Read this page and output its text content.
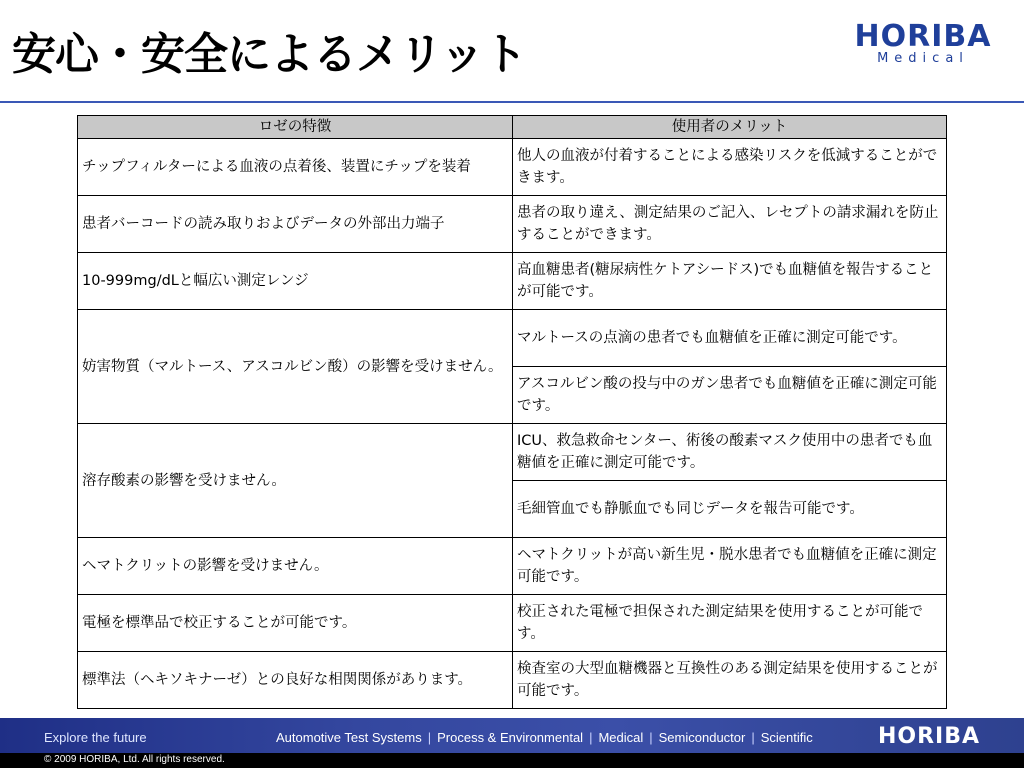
安心・安全によるメリット	HORIBA
Medical
ロゼの特徴	使用者のメリット
チップフィルターによる血液の点着後、装置にチップを装着	他人の血液が付着することによる感染リスクを低減することができます。
患者バーコードの読み取りおよびデータの外部出力端子	患者の取り違え、測定結果のご記入、レセプトの請求漏れを防止することができます。
10-999mg/dLと幅広い測定レンジ	高血糖患者(糖尿病性ケトアシードス)でも血糖値を報告することが可能です。
妨害物質（マルトース、アスコルビン酸）の影響を受けません。	マルトースの点滴の患者でも血糖値を正確に測定可能です。
	アスコルビン酸の投与中のガン患者でも血糖値を正確に測定可能です。
溶存酸素の影響を受けません。	ICU、救急救命センター、術後の酸素マスク使用中の患者でも血糖値を正確に測定可能です。
	毛細管血でも静脈血でも同じデータを報告可能です。
ヘマトクリットの影響を受けません。	ヘマトクリットが高い新生児・脱水患者でも血糖値を正確に測定可能です。
電極を標準品で校正することが可能です。	校正された電極で担保された測定結果を使用することが可能です。
標準法（ヘキソキナーゼ）との良好な相関関係があります。	検査室の大型血糖機器と互換性のある測定結果を使用することが可能です。
Explore the future	Automotive Test Systems | Process & Environmental | Medical | Semiconductor | Scientific	HORIBA
© 2009 HORIBA, Ltd. All rights reserved.
